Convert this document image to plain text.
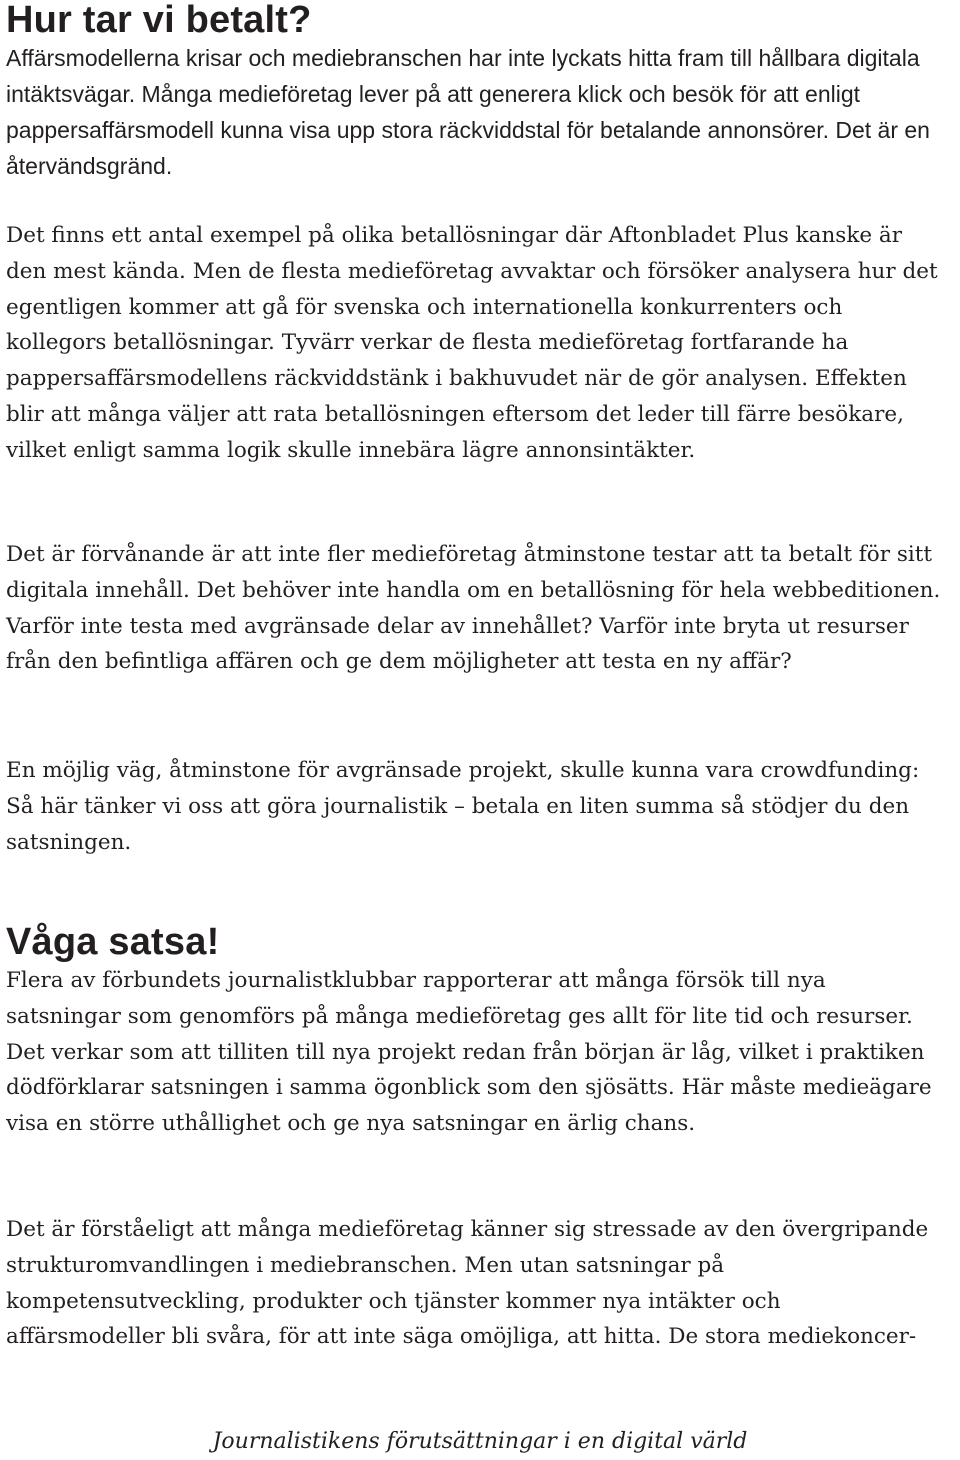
Hur tar vi betalt?

Affärsmodellerna krisar och mediebranschen har inte lyckats hitta fram till hållbara digitala intäktsvägar. Många medieföretag lever på att generera klick och besök för att enligt pappersaffärsmodell kunna visa upp stora räckviddstal för betalande annonsörer. Det är en återvändsgränd.

Det finns ett antal exempel på olika betallösningar där Aftonbladet Plus kanske är den mest kända. Men de flesta medieföretag avvaktar och försöker analysera hur det egentligen kommer att gå för svenska och internationella konkurrenters och kollegors betallösningar. Tyvärr verkar de flesta medieföretag fortfarande ha pappersaffärsmodellens räckviddstänk i bakhuvudet när de gör analysen. Effekten blir att många väljer att rata betallösningen eftersom det leder till färre besökare, vilket enligt samma logik skulle innebära lägre annonsintäkter.

Det är förvånande är att inte fler medieföretag åtminstone testar att ta betalt för sitt digitala innehåll. Det behöver inte handla om en betallösning för hela webbeditionen. Varför inte testa med avgränsade delar av innehållet? Varför inte bryta ut resurser från den befintliga affären och ge dem möjligheter att testa en ny affär?

En möjlig väg, åtminstone för avgränsade projekt, skulle kunna vara crowdfunding: Så här tänker vi oss att göra journalistik – betala en liten summa så stödjer du den satsningen.

Våga satsa!

Flera av förbundets journalistklubbar rapporterar att många försök till nya satsningar som genomförs på många medieföretag ges allt för lite tid och resurser. Det verkar som att tilliten till nya projekt redan från början är låg, vilket i praktiken dödförklarar satsningen i samma ögonblick som den sjösätts. Här måste medieägare visa en större uthållighet och ge nya satsningar en ärlig chans.

Det är förståeligt att många medieföretag känner sig stressade av den övergripande strukturomvandlingen i mediebranschen. Men utan satsningar på kompetensutveckling, produkter och tjänster kommer nya intäkter och affärsmodeller bli svåra, för att inte säga omöjliga, att hitta. De stora mediekoncer-

Journalistikens förutsättningar i en digital värld
